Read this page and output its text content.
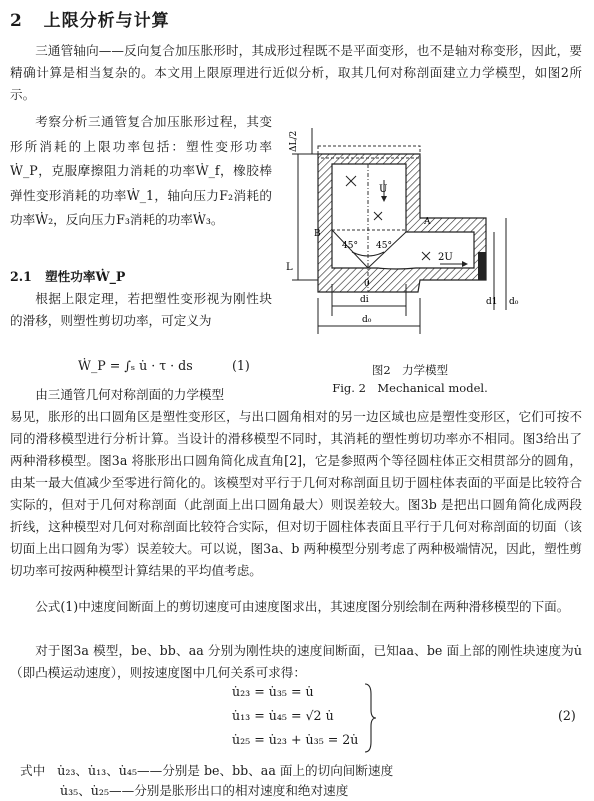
2 上限分析与计算
三通管轴向——反向复合加压胀形时，其成形过程既不是平面变形，也不是轴对称变形，因此，要精确计算是相当复杂的。本文用上限原理进行近似分析，取其几何对称剖面建立力学模型，如图2所示。
考察分析三通管复合加压胀形过程，其变形所消耗的上限功率包括：塑性变形功率Ẇ_P，克服摩擦阻力消耗的功率Ẇ_f，橡胶棒弹性变形消耗的功率Ẇ_1，轴向压力F₂消耗的功率Ẇ₂，反向压力F₃消耗的功率Ẇ₃。
2.1 塑性功率Ẇ_P
根据上限定理，若把塑性变形视为刚性块的滑移，则塑性剪切功率，可定义为
Ẇ_P = ∫ₛ u̇ · τ · ds	(1)
由三通管几何对称剖面的力学模型
易见，胀形的出口圆角区是塑性变形区，与出口圆角相对的另一边区域也应是塑性变形区，它们可按不同的滑移模型进行分析计算。当设计的滑移模型不同时，其消耗的塑性剪切功率亦不相同。图3给出了两种滑移模型。图3a 将胀形出口圆角简化成直角[2]，它是参照两个等径圆柱体正交相贯部分的圆角，由某一最大值减少至零进行简化的。该模型对平行于几何对称剖面且切于圆柱体表面的平面是比较符合实际的，但对于几何对称剖面（此剖面上出口圆角最大）则误差较大。图3b 是把出口圆角简化成两段折线，这种模型对几何对称剖面比较符合实际，但对切于圆柱体表面且平行于几何对称剖面的切面（该切面上出口圆角为零）误差较大。可以说，图3a、b 两种模型分别考虑了两种极端情况，因此，塑性剪切功率可按两种模型计算结果的平均值考虑。
公式(1)中速度间断面上的剪切速度可由速度图求出，其速度图分别绘制在两种滑移模型的下面。
对于图3a 模型，be、bb、aa 分别为刚性块的速度间断面，已知aa、be 面上部的刚性块速度为u̇（即凸模运动速度），则按速度图中几何关系可求得：
u̇₂₃ = u̇₃₅ = u̇
u̇₁₃ = u̇₄₅ = √2 u̇
u̇₂₅ = u̇₂₃ + u̇₃₅ = 2u̇
(2)
式中 u̇₂₃、u̇₁₃、u̇₄₅——分别是 be、bb、aa 面上的切向间断速度
u̇₃₅、u̇₂₅——分别是胀形出口的相对速度和绝对速度
ΔL/2
L
U
2U
A
B
45° 45°
0
di
d₀
d1 d₀
图2　力学模型
Fig. 2　Mechanical model.
